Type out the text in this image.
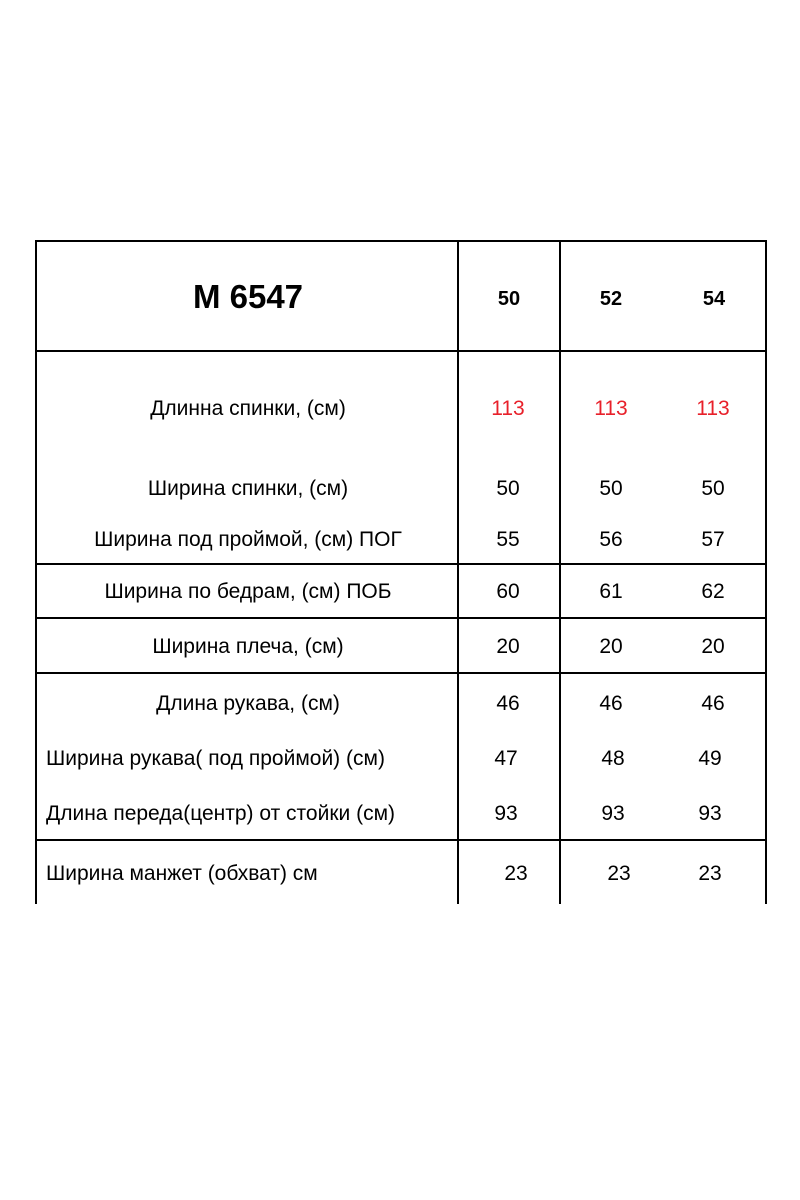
М 6547	50	52	54
Длинна спинки, (см)	113	113	113
Ширина спинки, (см)	50	50	50
Ширина под проймой, (см) ПОГ	55	56	57
Ширина по бедрам, (см) ПОБ	60	61	62
Ширина плеча, (см)	20	20	20
Длина рукава, (см)	46	46	46
Ширина рукава( под проймой) (см)	47	48	49
Длина переда(центр) от стойки (см)	93	93	93
Ширина манжет (обхват) см	23	23	23
